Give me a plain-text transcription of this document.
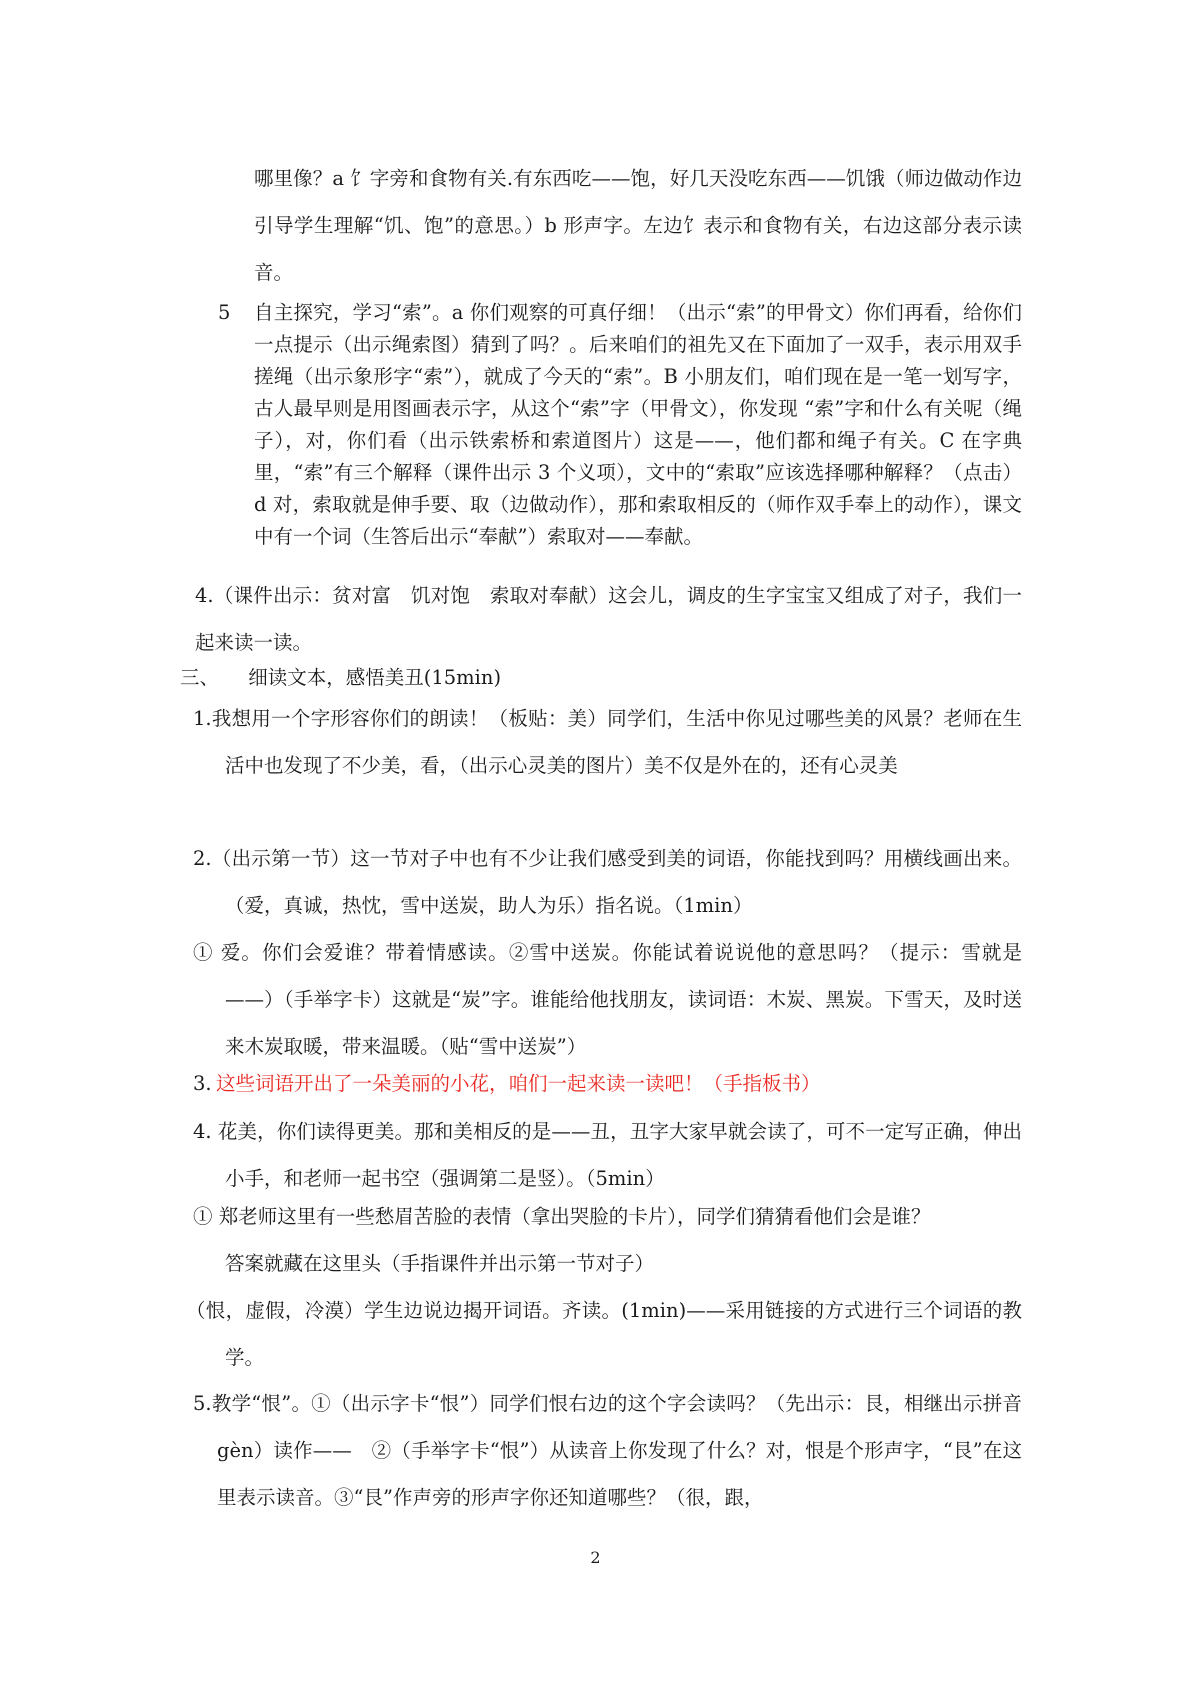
哪里像？a 饣字旁和食物有关.有东西吃——饱，好几天没吃东西——饥饿（师边做动作边引导学生理解“饥、饱”的意思。）b 形声字。左边饣表示和食物有关，右边这部分表示读音。

5 自主探究，学习“索”。a 你们观察的可真仔细！（出示“索”的甲骨文）你们再看，给你们一点提示（出示绳索图）猜到了吗？。后来咱们的祖先又在下面加了一双手，表示用双手搓绳（出示象形字“索”），就成了今天的“索”。B 小朋友们，咱们现在是一笔一划写字，古人最早则是用图画表示字，从这个“索”字（甲骨文），你发现 “索”字和什么有关呢（绳子），对，你们看（出示铁索桥和索道图片）这是——，他们都和绳子有关。C 在字典里，“索”有三个解释（课件出示 3 个义项），文中的“索取”应该选择哪种解释？（点击）d 对，索取就是伸手要、取（边做动作），那和索取相反的（师作双手奉上的动作），课文中有一个词（生答后出示“奉献”）索取对——奉献。

4.（课件出示：贫对富　饥对饱　索取对奉献）这会儿，调皮的生字宝宝又组成了对子，我们一起来读一读。

三、　　细读文本，感悟美丑(15min)

1.我想用一个字形容你们的朗读！（板贴：美）同学们，生活中你见过哪些美的风景？老师在生活中也发现了不少美，看，（出示心灵美的图片）美不仅是外在的，还有心灵美

2.（出示第一节）这一节对子中也有不少让我们感受到美的词语，你能找到吗？用横线画出来。（爱，真诚，热忱，雪中送炭，助人为乐）指名说。（1min）

① 爱。你们会爱谁？带着情感读。②雪中送炭。你能试着说说他的意思吗？（提示：雪就是——）（手举字卡）这就是“炭”字。谁能给他找朋友，读词语：木炭、黑炭。下雪天，及时送来木炭取暖，带来温暖。（贴“雪中送炭”）

3. 这些词语开出了一朵美丽的小花，咱们一起来读一读吧！（手指板书）

4. 花美，你们读得更美。那和美相反的是——丑，丑字大家早就会读了，可不一定写正确，伸出小手，和老师一起书空（强调第二是竖）。（5min）

① 郑老师这里有一些愁眉苦脸的表情（拿出哭脸的卡片），同学们猜猜看他们会是谁？

答案就藏在这里头（手指课件并出示第一节对子）

（恨，虚假，冷漠）学生边说边揭开词语。齐读。(1min)——采用链接的方式进行三个词语的教学。

5.教学“恨”。①（出示字卡“恨”）同学们恨右边的这个字会读吗？（先出示：艮，相继出示拼音 gèn）读作——　②（手举字卡“恨”）从读音上你发现了什么？对，恨是个形声字，“艮”在这里表示读音。③“艮”作声旁的形声字你还知道哪些？（很，跟，

2
